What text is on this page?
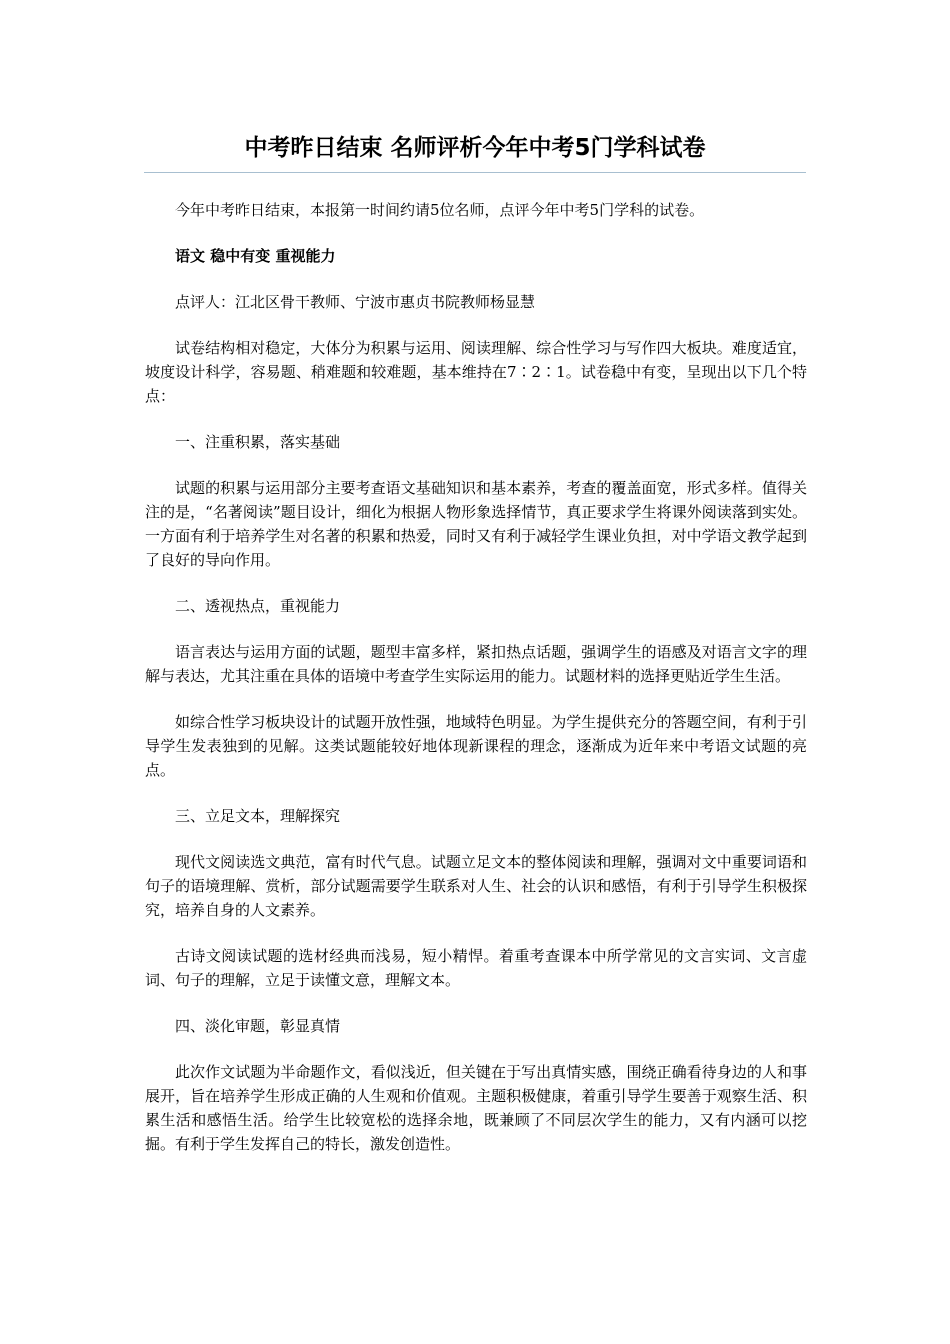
中考昨日结束 名师评析今年中考5门学科试卷

今年中考昨日结束，本报第一时间约请5位名师，点评今年中考5门学科的试卷。

语文 稳中有变 重视能力

点评人：江北区骨干教师、宁波市惠贞书院教师杨显慧

试卷结构相对稳定，大体分为积累与运用、阅读理解、综合性学习与写作四大板块。难度适宜，坡度设计科学，容易题、稍难题和较难题，基本维持在7∶2∶1。试卷稳中有变，呈现出以下几个特点：

一、注重积累，落实基础

试题的积累与运用部分主要考查语文基础知识和基本素养，考查的覆盖面宽，形式多样。值得关注的是，“名著阅读”题目设计，细化为根据人物形象选择情节，真正要求学生将课外阅读落到实处。一方面有利于培养学生对名著的积累和热爱，同时又有利于减轻学生课业负担，对中学语文教学起到了良好的导向作用。

二、透视热点，重视能力

语言表达与运用方面的试题，题型丰富多样，紧扣热点话题，强调学生的语感及对语言文字的理解与表达，尤其注重在具体的语境中考查学生实际运用的能力。试题材料的选择更贴近学生生活。

如综合性学习板块设计的试题开放性强，地域特色明显。为学生提供充分的答题空间，有利于引导学生发表独到的见解。这类试题能较好地体现新课程的理念，逐渐成为近年来中考语文试题的亮点。

三、立足文本，理解探究

现代文阅读选文典范，富有时代气息。试题立足文本的整体阅读和理解，强调对文中重要词语和句子的语境理解、赏析，部分试题需要学生联系对人生、社会的认识和感悟，有利于引导学生积极探究，培养自身的人文素养。

古诗文阅读试题的选材经典而浅易，短小精悍。着重考查课本中所学常见的文言实词、文言虚词、句子的理解，立足于读懂文意，理解文本。

四、淡化审题，彰显真情

此次作文试题为半命题作文，看似浅近，但关键在于写出真情实感，围绕正确看待身边的人和事展开，旨在培养学生形成正确的人生观和价值观。主题积极健康，着重引导学生要善于观察生活、积累生活和感悟生活。给学生比较宽松的选择余地，既兼顾了不同层次学生的能力，又有内涵可以挖掘。有利于学生发挥自己的特长，激发创造性。
